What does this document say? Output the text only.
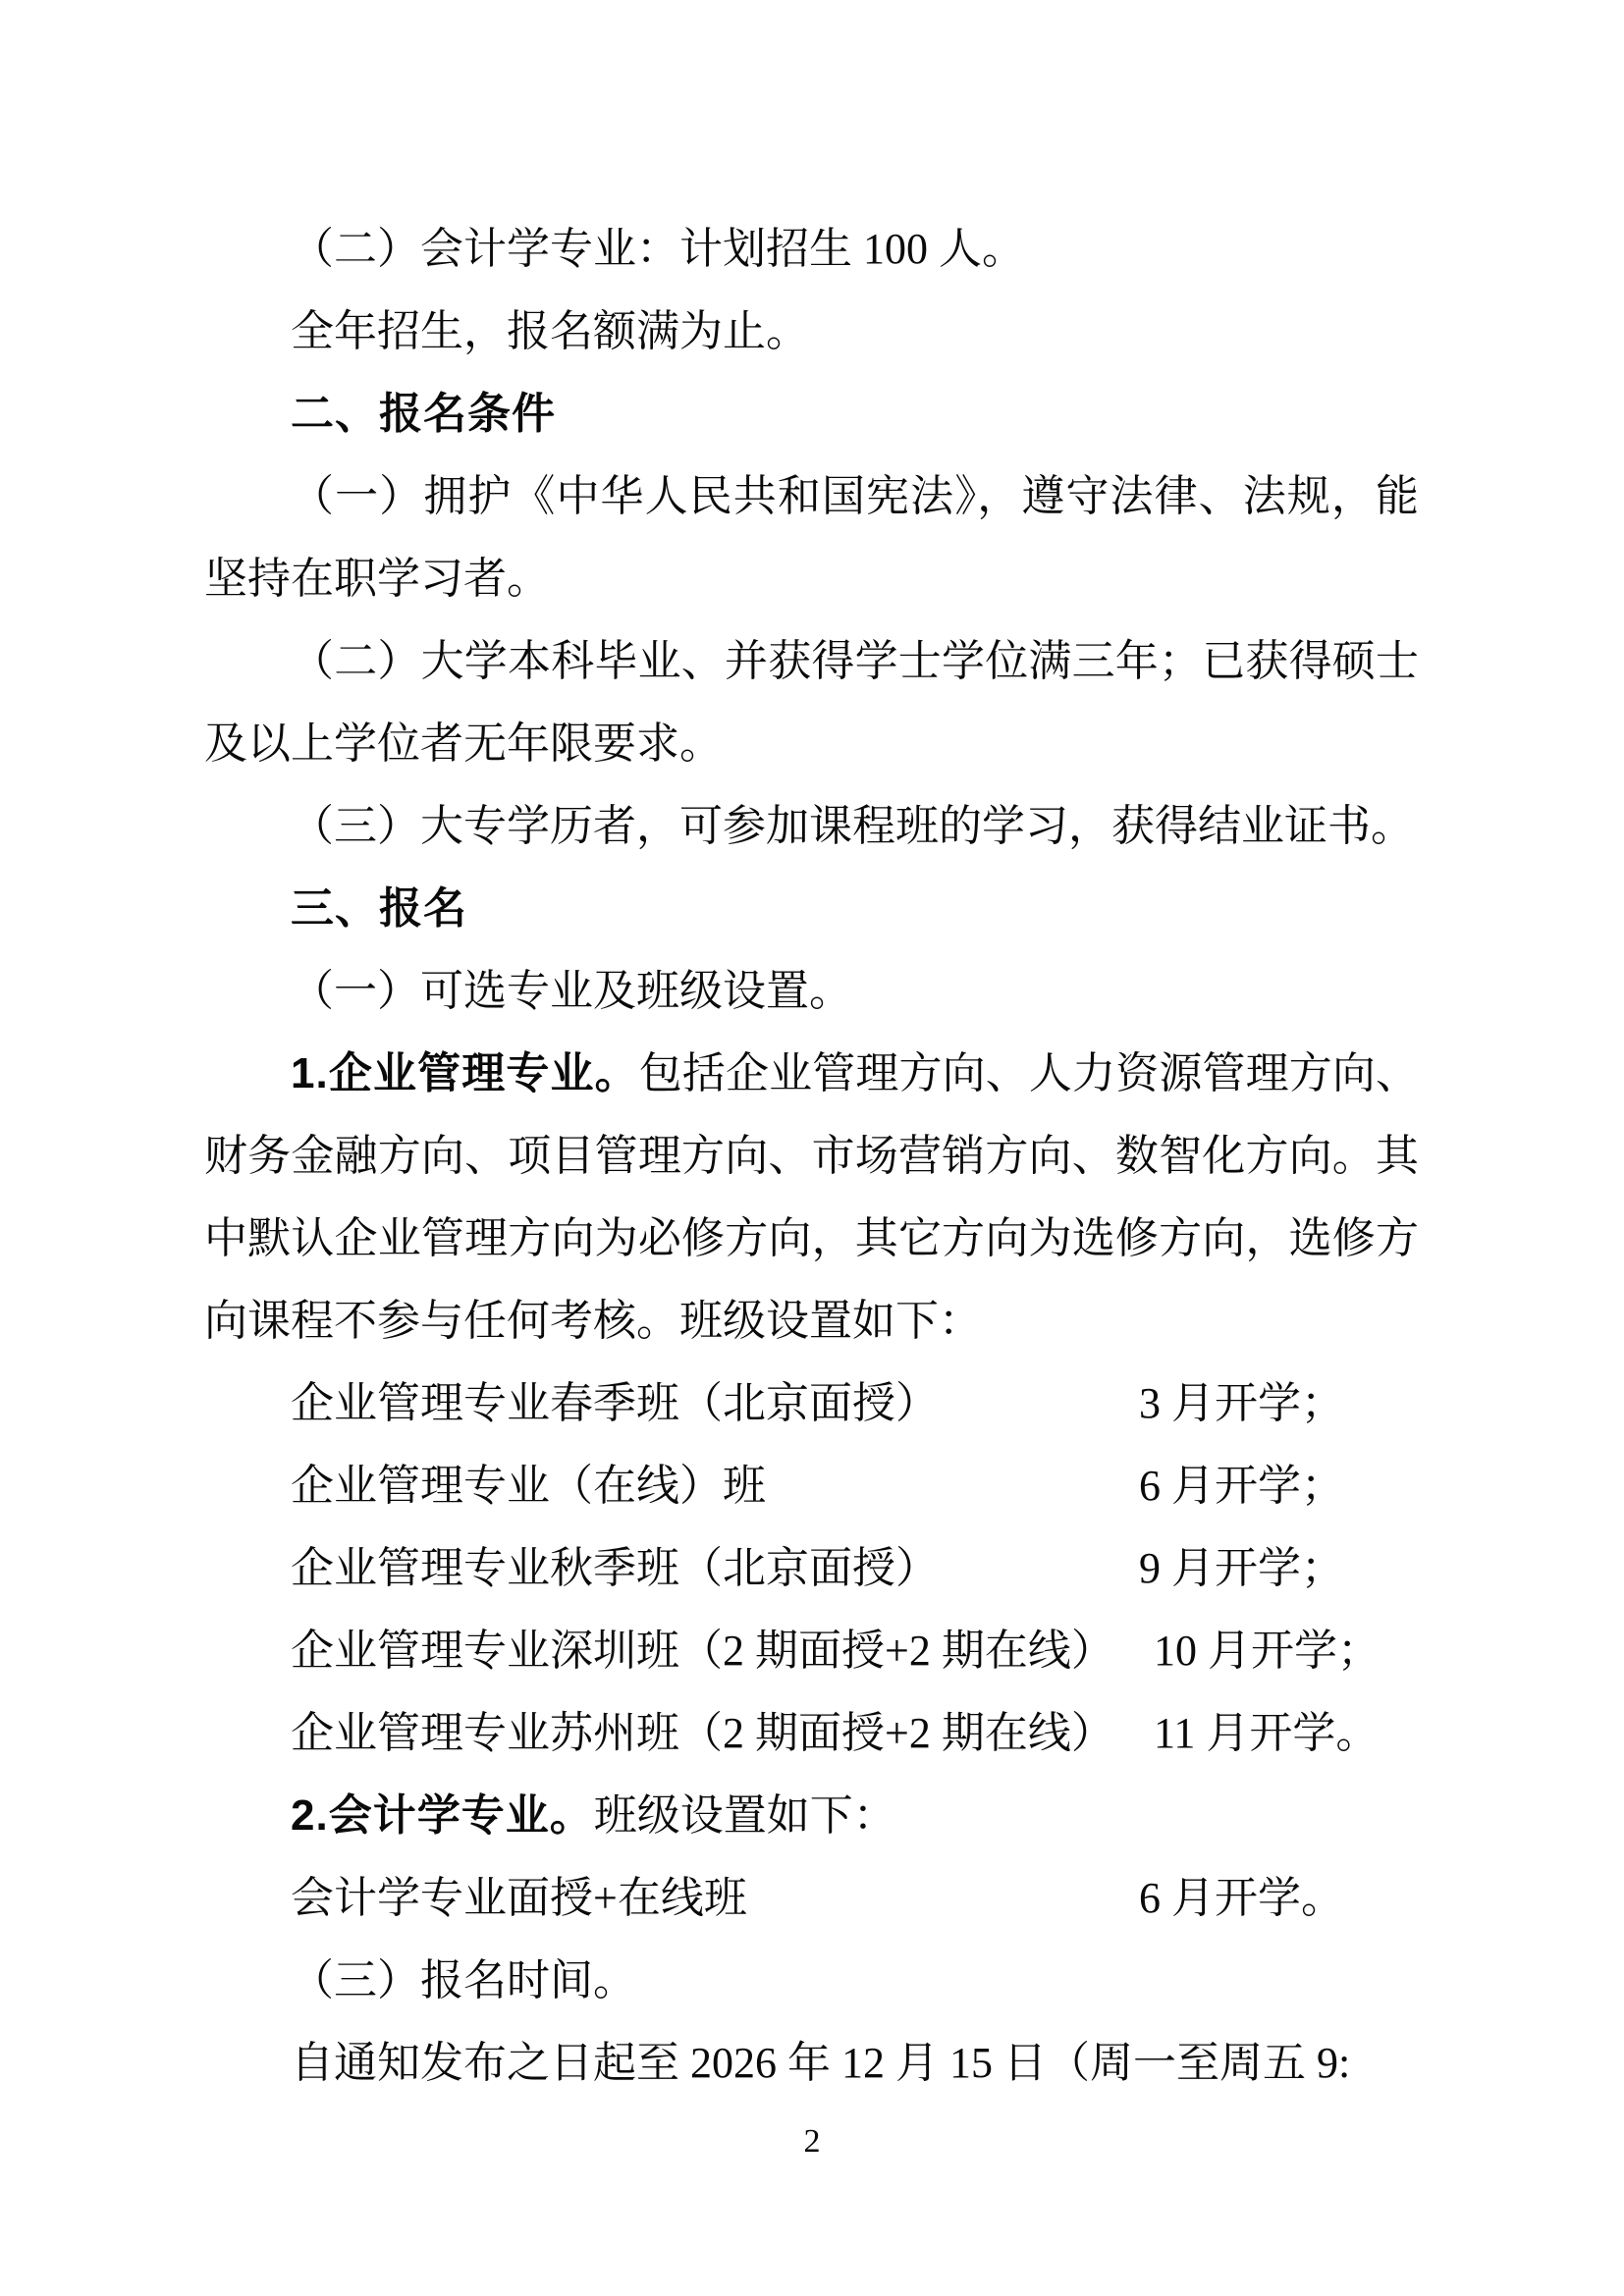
（二）会计学专业：计划招生 100 人。

全年招生，报名额满为止。

二、报名条件

（一）拥护《中华人民共和国宪法》，遵守法律、法规，能

坚持在职学习者。

（二）大学本科毕业、并获得学士学位满三年；已获得硕士

及以上学位者无年限要求。

（三）大专学历者，可参加课程班的学习，获得结业证书。

三、报名

（一）可选专业及班级设置。

1.企业管理专业。包括企业管理方向、人力资源管理方向、

财务金融方向、项目管理方向、市场营销方向、数智化方向。其

中默认企业管理方向为必修方向，其它方向为选修方向，选修方

向课程不参与任何考核。班级设置如下：

企业管理专业春季班（北京面授）	3 月开学；

企业管理专业（在线）班	6 月开学；

企业管理专业秋季班（北京面授）	9 月开学；

企业管理专业深圳班（2 期面授+2 期在线） 10 月开学；

企业管理专业苏州班（2 期面授+2 期在线） 11 月开学。

2.会计学专业。班级设置如下：

会计学专业面授+在线班	6 月开学。

（三）报名时间。

自通知发布之日起至 2026 年 12 月 15 日（周一至周五 9:

2
